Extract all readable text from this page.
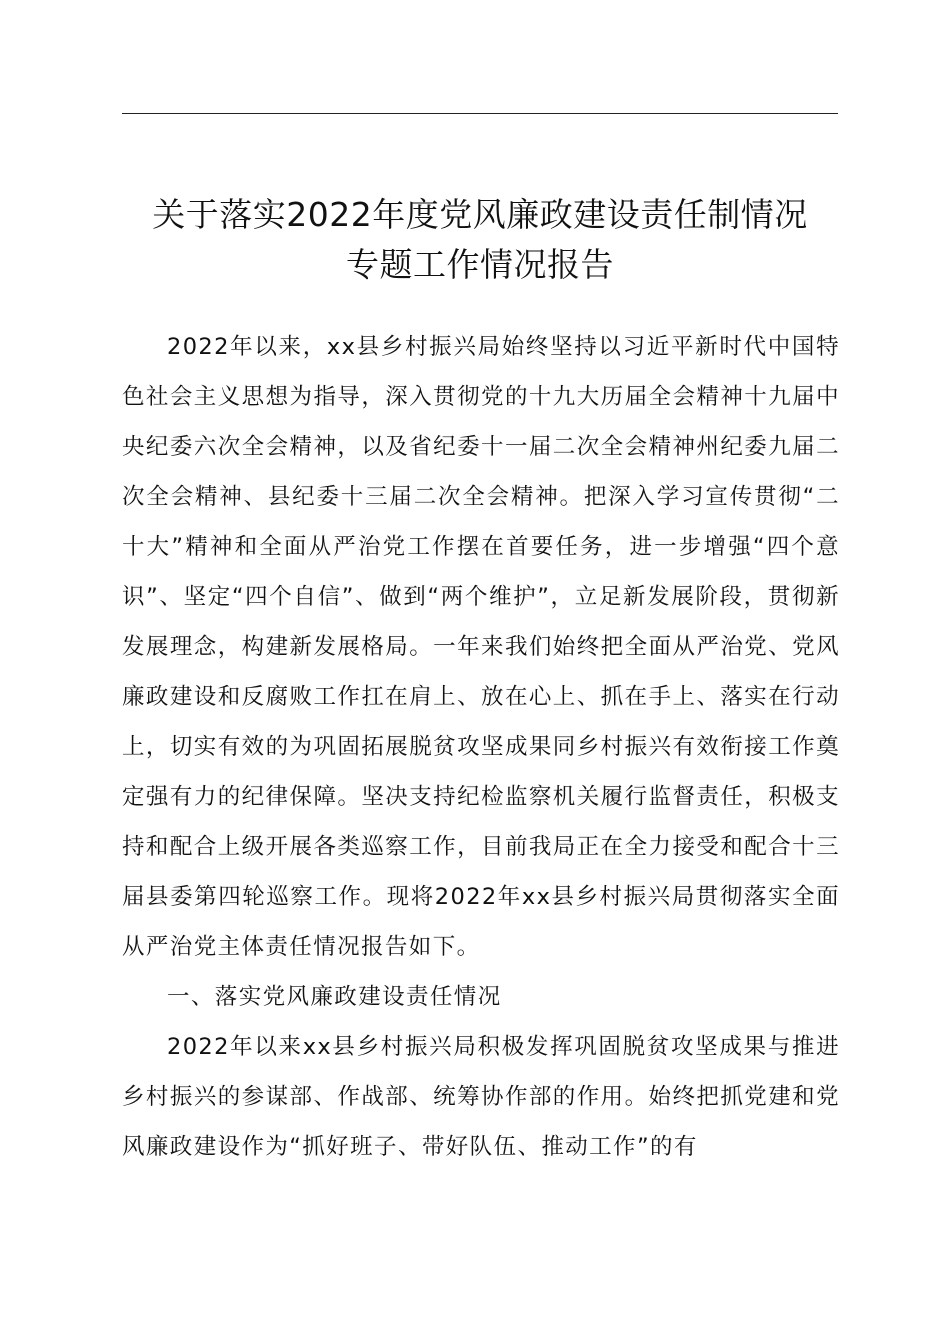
关于落实2022年度党风廉政建设责任制情况
专题工作情况报告

2022年以来，xx县乡村振兴局始终坚持以习近平新时代中国特色社会主义思想为指导，深入贯彻党的十九大历届全会精神十九届中央纪委六次全会精神，以及省纪委十一届二次全会精神州纪委九届二次全会精神、县纪委十三届二次全会精神。把深入学习宣传贯彻“二十大”精神和全面从严治党工作摆在首要任务，进一步增强“四个意识”、坚定“四个自信”、做到“两个维护”，立足新发展阶段，贯彻新发展理念，构建新发展格局。一年来我们始终把全面从严治党、党风廉政建设和反腐败工作扛在肩上、放在心上、抓在手上、落实在行动上，切实有效的为巩固拓展脱贫攻坚成果同乡村振兴有效衔接工作奠定强有力的纪律保障。坚决支持纪检监察机关履行监督责任，积极支持和配合上级开展各类巡察工作，目前我局正在全力接受和配合十三届县委第四轮巡察工作。现将2022年xx县乡村振兴局贯彻落实全面从严治党主体责任情况报告如下。

一、落实党风廉政建设责任情况

2022年以来xx县乡村振兴局积极发挥巩固脱贫攻坚成果与推进乡村振兴的参谋部、作战部、统筹协作部的作用。始终把抓党建和党风廉政建设作为“抓好班子、带好队伍、推动工作”的有
